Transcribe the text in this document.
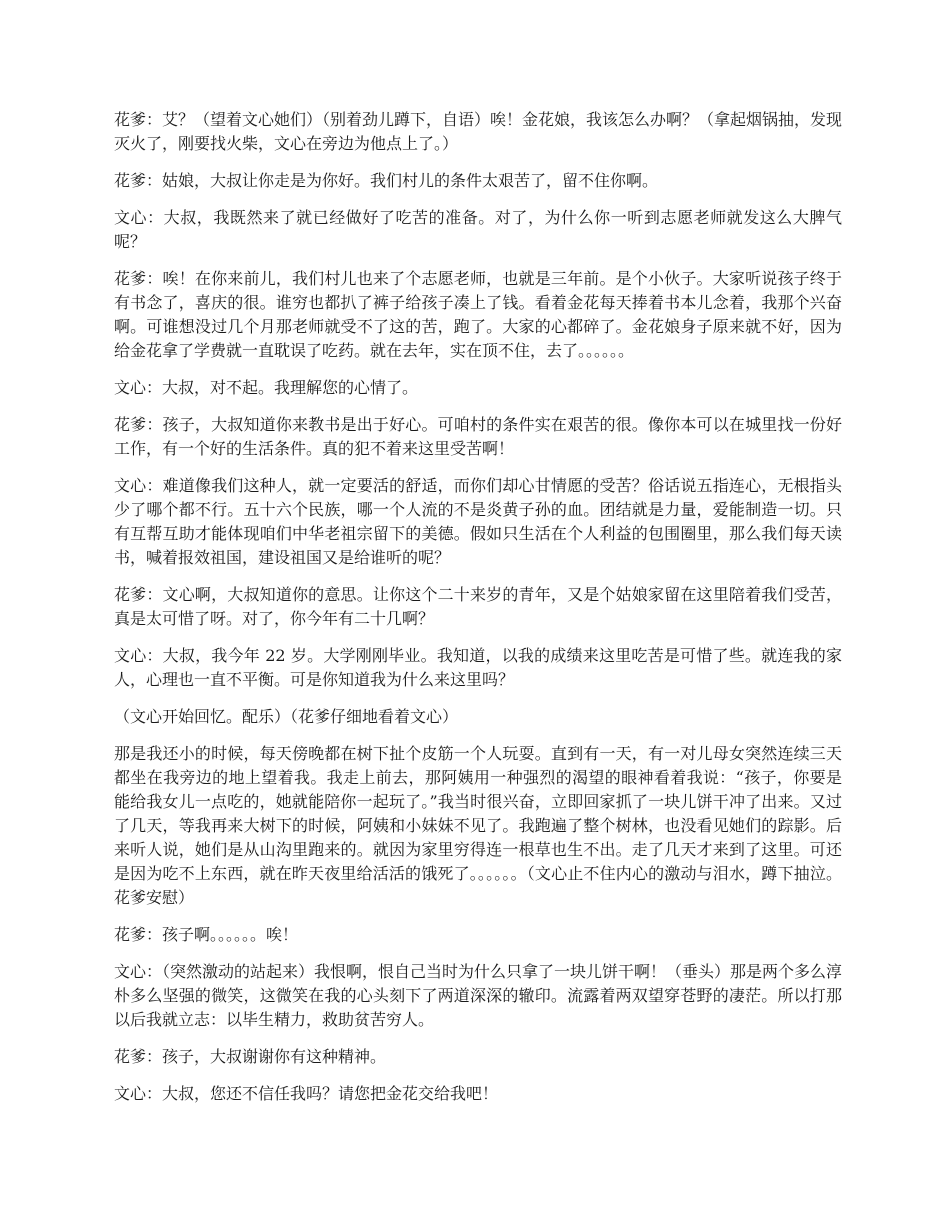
花爹：艾？（望着文心她们）（别着劲儿蹲下，自语）唉！金花娘，我该怎么办啊？（拿起烟锅抽，发现灭火了，刚要找火柴，文心在旁边为他点上了。）

花爹：姑娘，大叔让你走是为你好。我们村儿的条件太艰苦了，留不住你啊。

文心：大叔，我既然来了就已经做好了吃苦的准备。对了，为什么你一听到志愿老师就发这么大脾气呢？

花爹：唉！在你来前儿，我们村儿也来了个志愿老师，也就是三年前。是个小伙子。大家听说孩子终于有书念了，喜庆的很。谁穷也都扒了裤子给孩子凑上了钱。看着金花每天捧着书本儿念着，我那个兴奋啊。可谁想没过几个月那老师就受不了这的苦，跑了。大家的心都碎了。金花娘身子原来就不好，因为给金花拿了学费就一直耽误了吃药。就在去年，实在顶不住，去了。。。。。。

文心：大叔，对不起。我理解您的心情了。

花爹：孩子，大叔知道你来教书是出于好心。可咱村的条件实在艰苦的很。像你本可以在城里找一份好工作，有一个好的生活条件。真的犯不着来这里受苦啊！

文心：难道像我们这种人，就一定要活的舒适，而你们却心甘情愿的受苦？俗话说五指连心，无根指头少了哪个都不行。五十六个民族，哪一个人流的不是炎黄子孙的血。团结就是力量，爱能制造一切。只有互帮互助才能体现咱们中华老祖宗留下的美德。假如只生活在个人利益的包围圈里，那么我们每天读书，喊着报效祖国，建设祖国又是给谁听的呢？

花爹：文心啊，大叔知道你的意思。让你这个二十来岁的青年，又是个姑娘家留在这里陪着我们受苦，真是太可惜了呀。对了，你今年有二十几啊？

文心：大叔，我今年 22 岁。大学刚刚毕业。我知道，以我的成绩来这里吃苦是可惜了些。就连我的家人，心理也一直不平衡。可是你知道我为什么来这里吗？

（文心开始回忆。配乐）（花爹仔细地看着文心）

那是我还小的时候，每天傍晚都在树下扯个皮筋一个人玩耍。直到有一天，有一对儿母女突然连续三天都坐在我旁边的地上望着我。我走上前去，那阿姨用一种强烈的渴望的眼神看着我说：“孩子，你要是能给我女儿一点吃的，她就能陪你一起玩了。”我当时很兴奋，立即回家抓了一块儿饼干冲了出来。又过了几天，等我再来大树下的时候，阿姨和小妹妹不见了。我跑遍了整个树林，也没看见她们的踪影。后来听人说，她们是从山沟里跑来的。就因为家里穷得连一根草也生不出。走了几天才来到了这里。可还是因为吃不上东西，就在昨天夜里给活活的饿死了。。。。。。（文心止不住内心的激动与泪水，蹲下抽泣。花爹安慰）

花爹：孩子啊。。。。。。唉！

文心：（突然激动的站起来）我恨啊，恨自己当时为什么只拿了一块儿饼干啊！（垂头）那是两个多么淳朴多么坚强的微笑，这微笑在我的心头刻下了两道深深的辙印。流露着两双望穿苍野的凄茫。所以打那以后我就立志：以毕生精力，救助贫苦穷人。

花爹：孩子，大叔谢谢你有这种精神。

文心：大叔，您还不信任我吗？请您把金花交给我吧！
